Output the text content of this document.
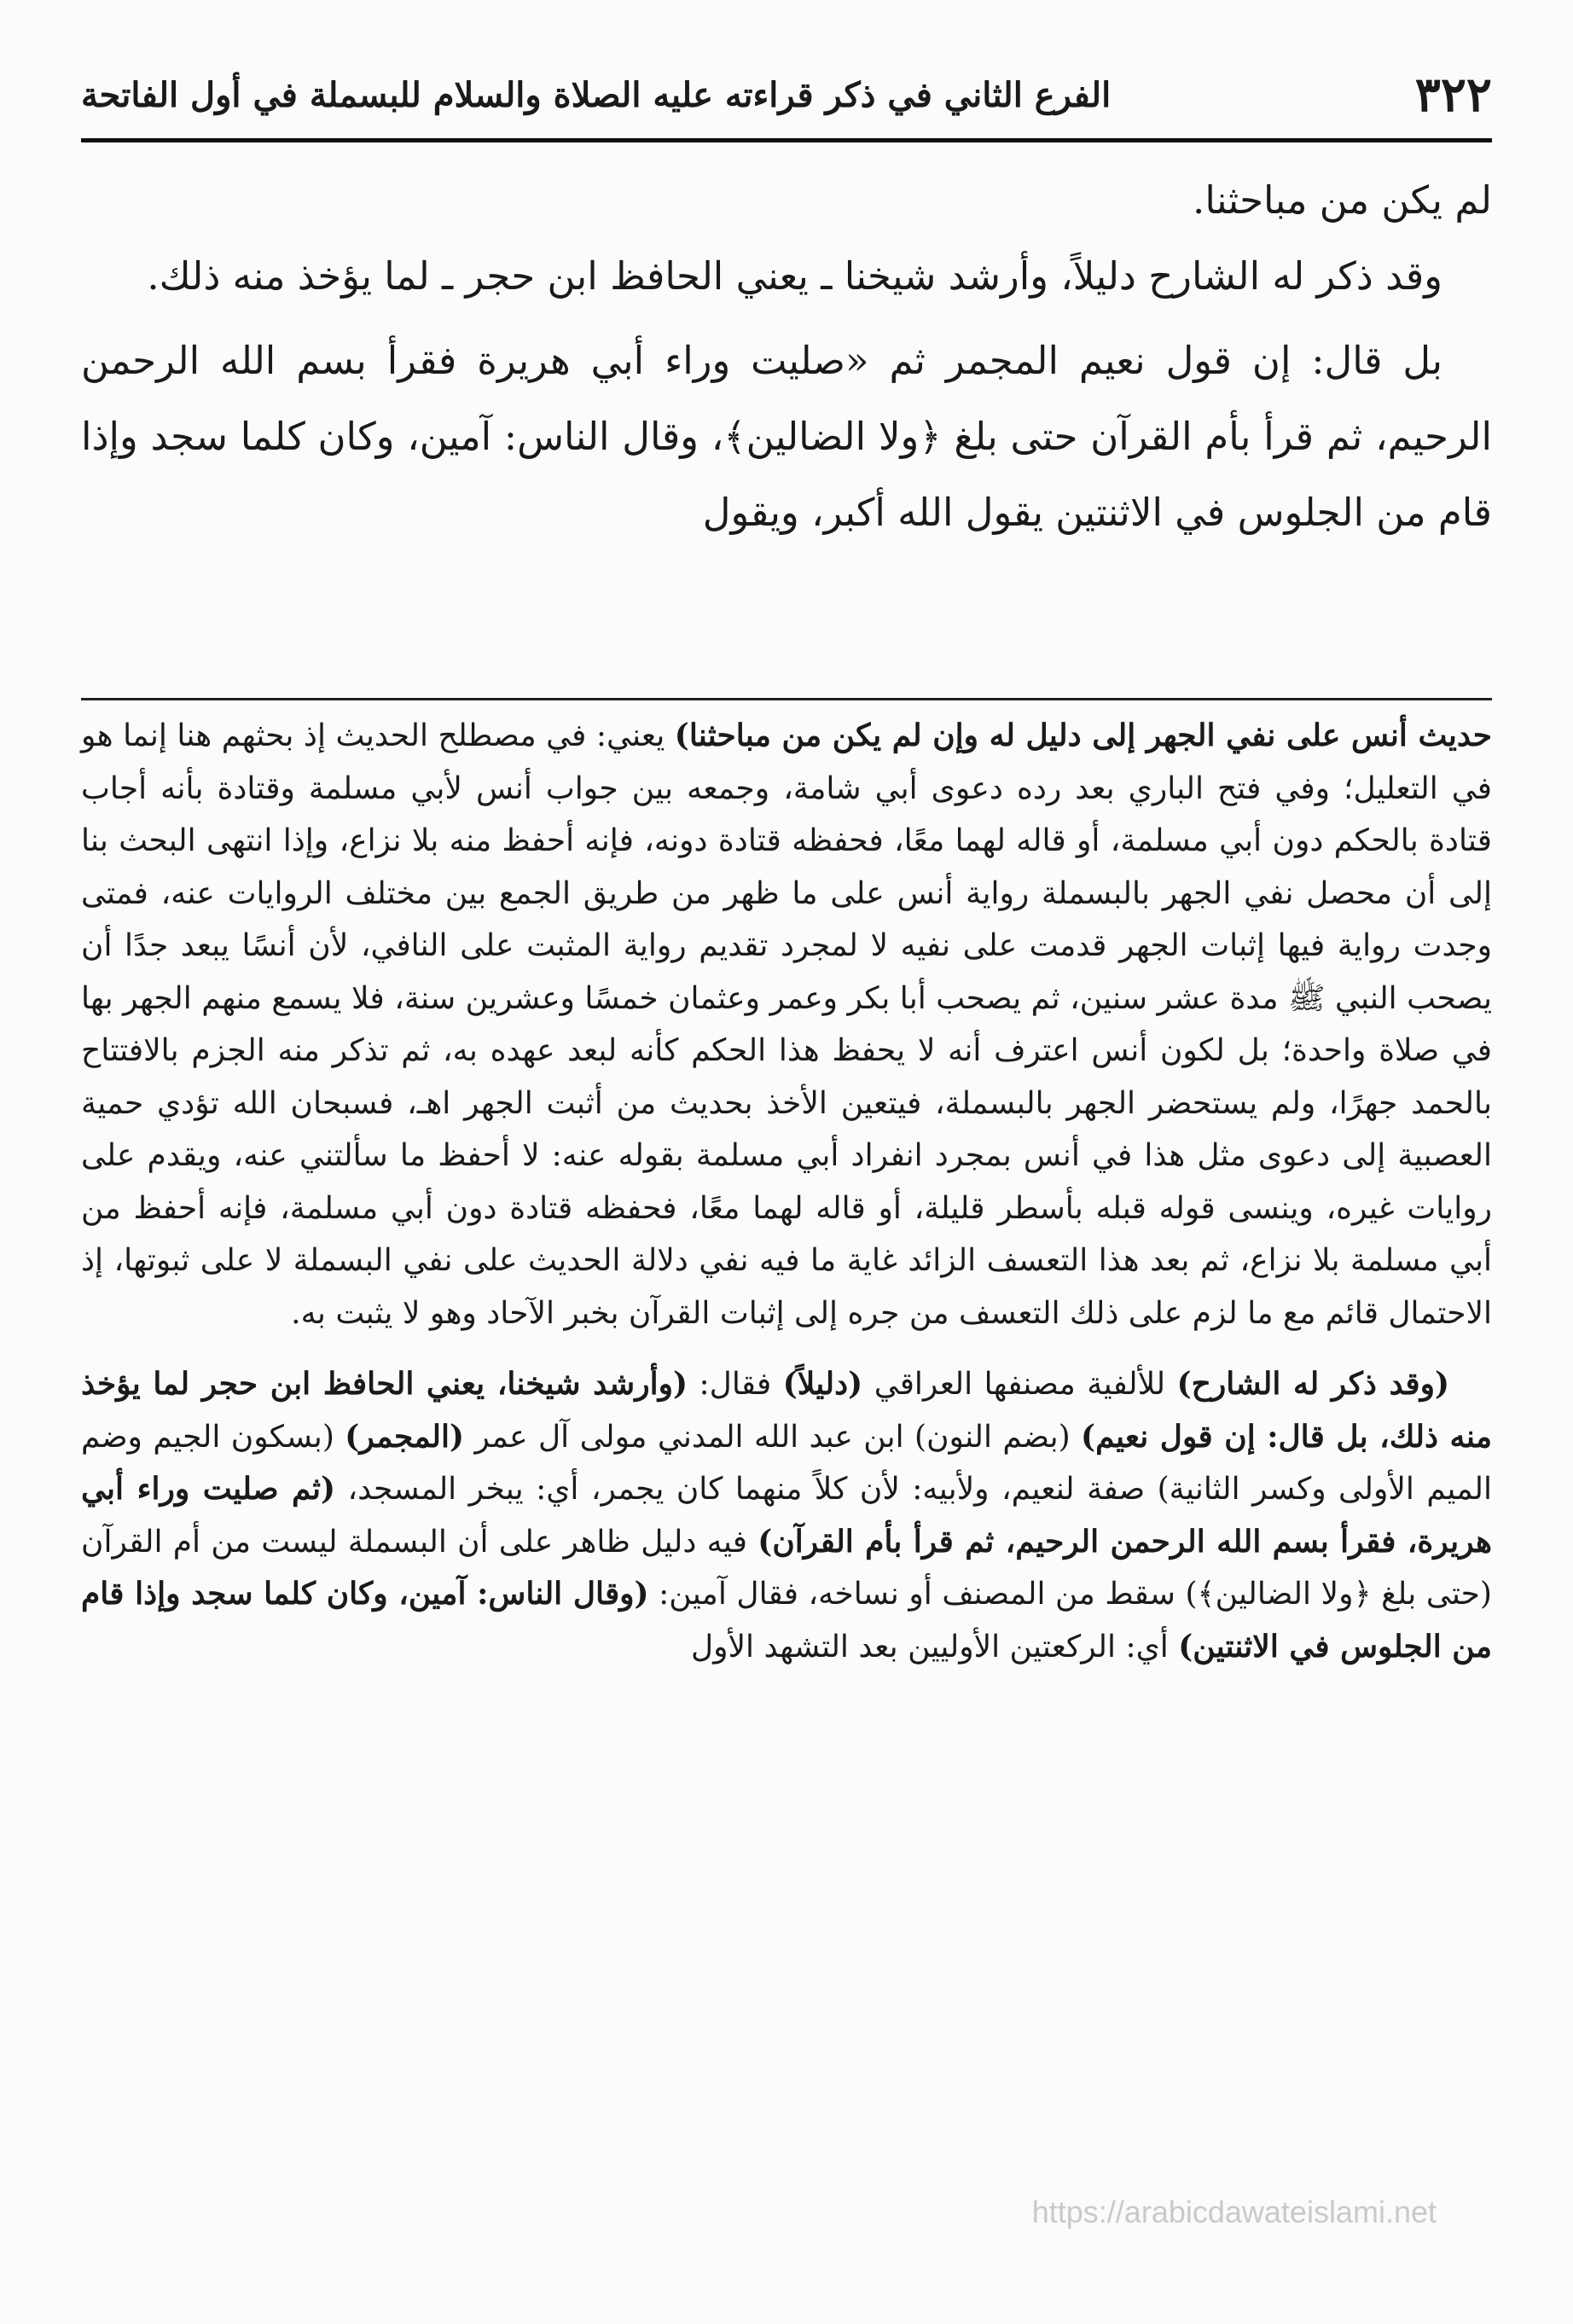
٣٢٢
الفرع الثاني في ذكر قراءته عليه الصلاة والسلام للبسملة في أول الفاتحة

لم يكن من مباحثنا.

وقد ذكر له الشارح دليلاً، وأرشد شيخنا ـ يعني الحافظ ابن حجر ـ لما يؤخذ منه ذلك.

بل قال: إن قول نعيم المجمر ثم «صليت وراء أبي هريرة فقرأ بسم الله الرحمن الرحيم، ثم قرأ بأم القرآن حتى بلغ ﴿ولا الضالين﴾، وقال الناس: آمين، وكان كلما سجد وإذا قام من الجلوس في الاثنتين يقول الله أكبر، ويقول

حديث أنس على نفي الجهر إلى دليل له وإن لم يكن من مباحثنا) يعني: في مصطلح الحديث إذ بحثهم هنا إنما هو في التعليل؛ وفي فتح الباري بعد رده دعوى أبي شامة، وجمعه بين جواب أنس لأبي مسلمة وقتادة بأنه أجاب قتادة بالحكم دون أبي مسلمة، أو قاله لهما معًا، فحفظه قتادة دونه، فإنه أحفظ منه بلا نزاع، وإذا انتهى البحث بنا إلى أن محصل نفي الجهر بالبسملة رواية أنس على ما ظهر من طريق الجمع بين مختلف الروايات عنه، فمتى وجدت رواية فيها إثبات الجهر قدمت على نفيه لا لمجرد تقديم رواية المثبت على النافي، لأن أنسًا يبعد جدًا أن يصحب النبي ﷺ مدة عشر سنين، ثم يصحب أبا بكر وعمر وعثمان خمسًا وعشرين سنة، فلا يسمع منهم الجهر بها في صلاة واحدة؛ بل لكون أنس اعترف أنه لا يحفظ هذا الحكم كأنه لبعد عهده به، ثم تذكر منه الجزم بالافتتاح بالحمد جهرًا، ولم يستحضر الجهر بالبسملة، فيتعين الأخذ بحديث من أثبت الجهر اهـ، فسبحان الله تؤدي حمية العصبية إلى دعوى مثل هذا في أنس بمجرد انفراد أبي مسلمة بقوله عنه: لا أحفظ ما سألتني عنه، ويقدم على روايات غيره، وينسى قوله قبله بأسطر قليلة، أو قاله لهما معًا، فحفظه قتادة دون أبي مسلمة، فإنه أحفظ من أبي مسلمة بلا نزاع، ثم بعد هذا التعسف الزائد غاية ما فيه نفي دلالة الحديث على نفي البسملة لا على ثبوتها، إذ الاحتمال قائم مع ما لزم على ذلك التعسف من جره إلى إثبات القرآن بخبر الآحاد وهو لا يثبت به.

(وقد ذكر له الشارح) للألفية مصنفها العراقي (دليلاً) فقال: (وأرشد شيخنا، يعني الحافظ ابن حجر لما يؤخذ منه ذلك، بل قال: إن قول نعيم) (بضم النون) ابن عبد الله المدني مولى آل عمر (المجمر) (بسكون الجيم وضم الميم الأولى وكسر الثانية) صفة لنعيم، ولأبيه: لأن كلاً منهما كان يجمر، أي: يبخر المسجد، (ثم صليت وراء أبي هريرة، فقرأ بسم الله الرحمن الرحيم، ثم قرأ بأم القرآن) فيه دليل ظاهر على أن البسملة ليست من أم القرآن (حتى بلغ ﴿ولا الضالين﴾) سقط من المصنف أو نساخه، فقال آمين: (وقال الناس: آمين، وكان كلما سجد وإذا قام من الجلوس في الاثنتين) أي: الركعتين الأوليين بعد التشهد الأول

https://arabicdawateislami.net
